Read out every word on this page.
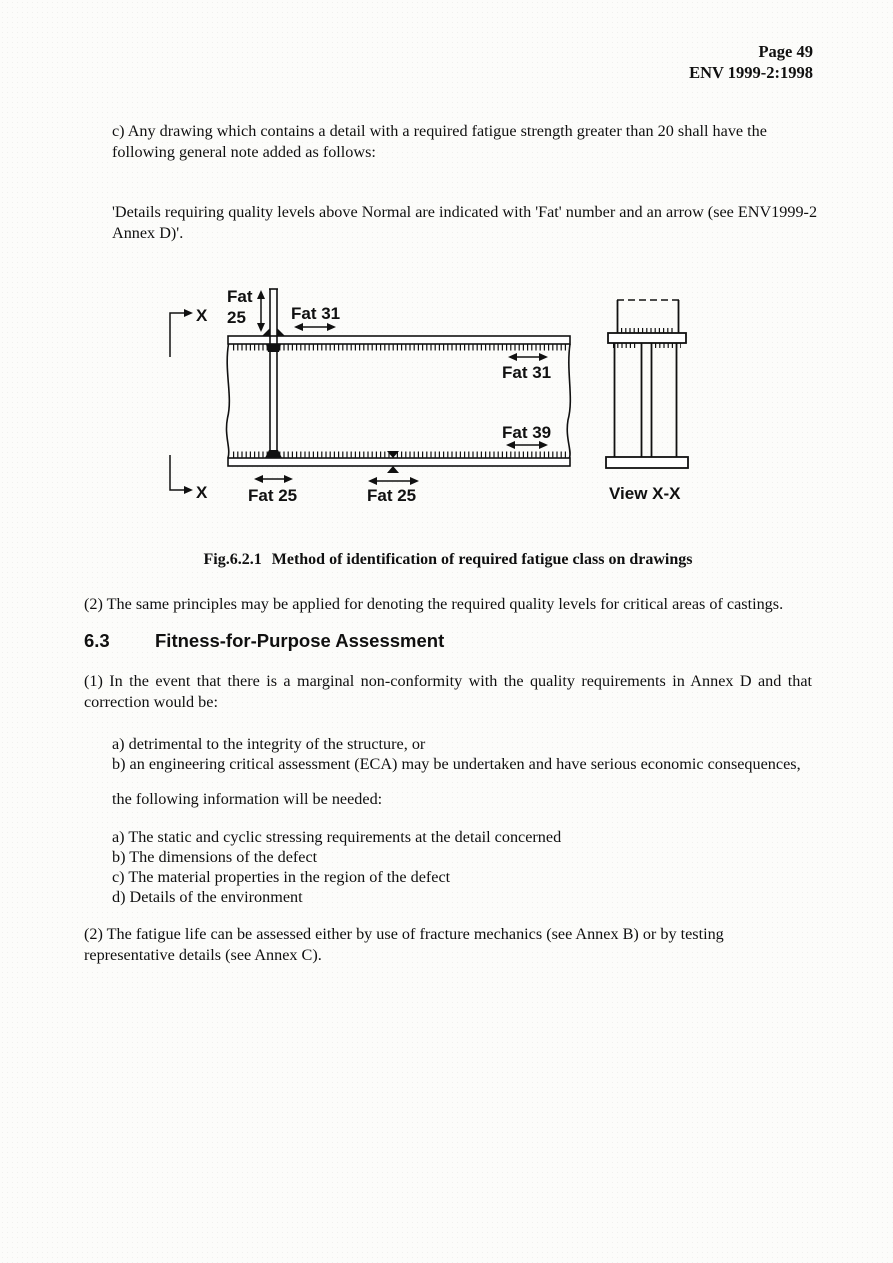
Page 49
ENV 1999-2:1998

c) Any drawing which contains a detail with a required fatigue strength greater than 20 shall have the following general note added as follows:

'Details requiring quality levels above Normal are indicated with 'Fat' number and an arrow (see ENV1999-2 Annex D)'.

X
X
Fat
25	Fat 31
Fat 31
Fat 39
Fat 25	Fat 25	View X-X
Fig.6.2.1 Method of identification of required fatigue class on drawings

(2) The same principles may be applied for denoting the required quality levels for critical areas of castings.

6.3 Fitness-for-Purpose Assessment

(1) In the event that there is a marginal non-conformity with the quality requirements in Annex D and that correction would be:

a) detrimental to the integrity of the structure, or
b) an engineering critical assessment (ECA) may be undertaken and have serious economic consequences,

the following information will be needed:

a) The static and cyclic stressing requirements at the detail concerned
b) The dimensions of the defect
c) The material properties in the region of the defect
d) Details of the environment

(2) The fatigue life can be assessed either by use of fracture mechanics (see Annex B) or by testing representative details (see Annex C).
